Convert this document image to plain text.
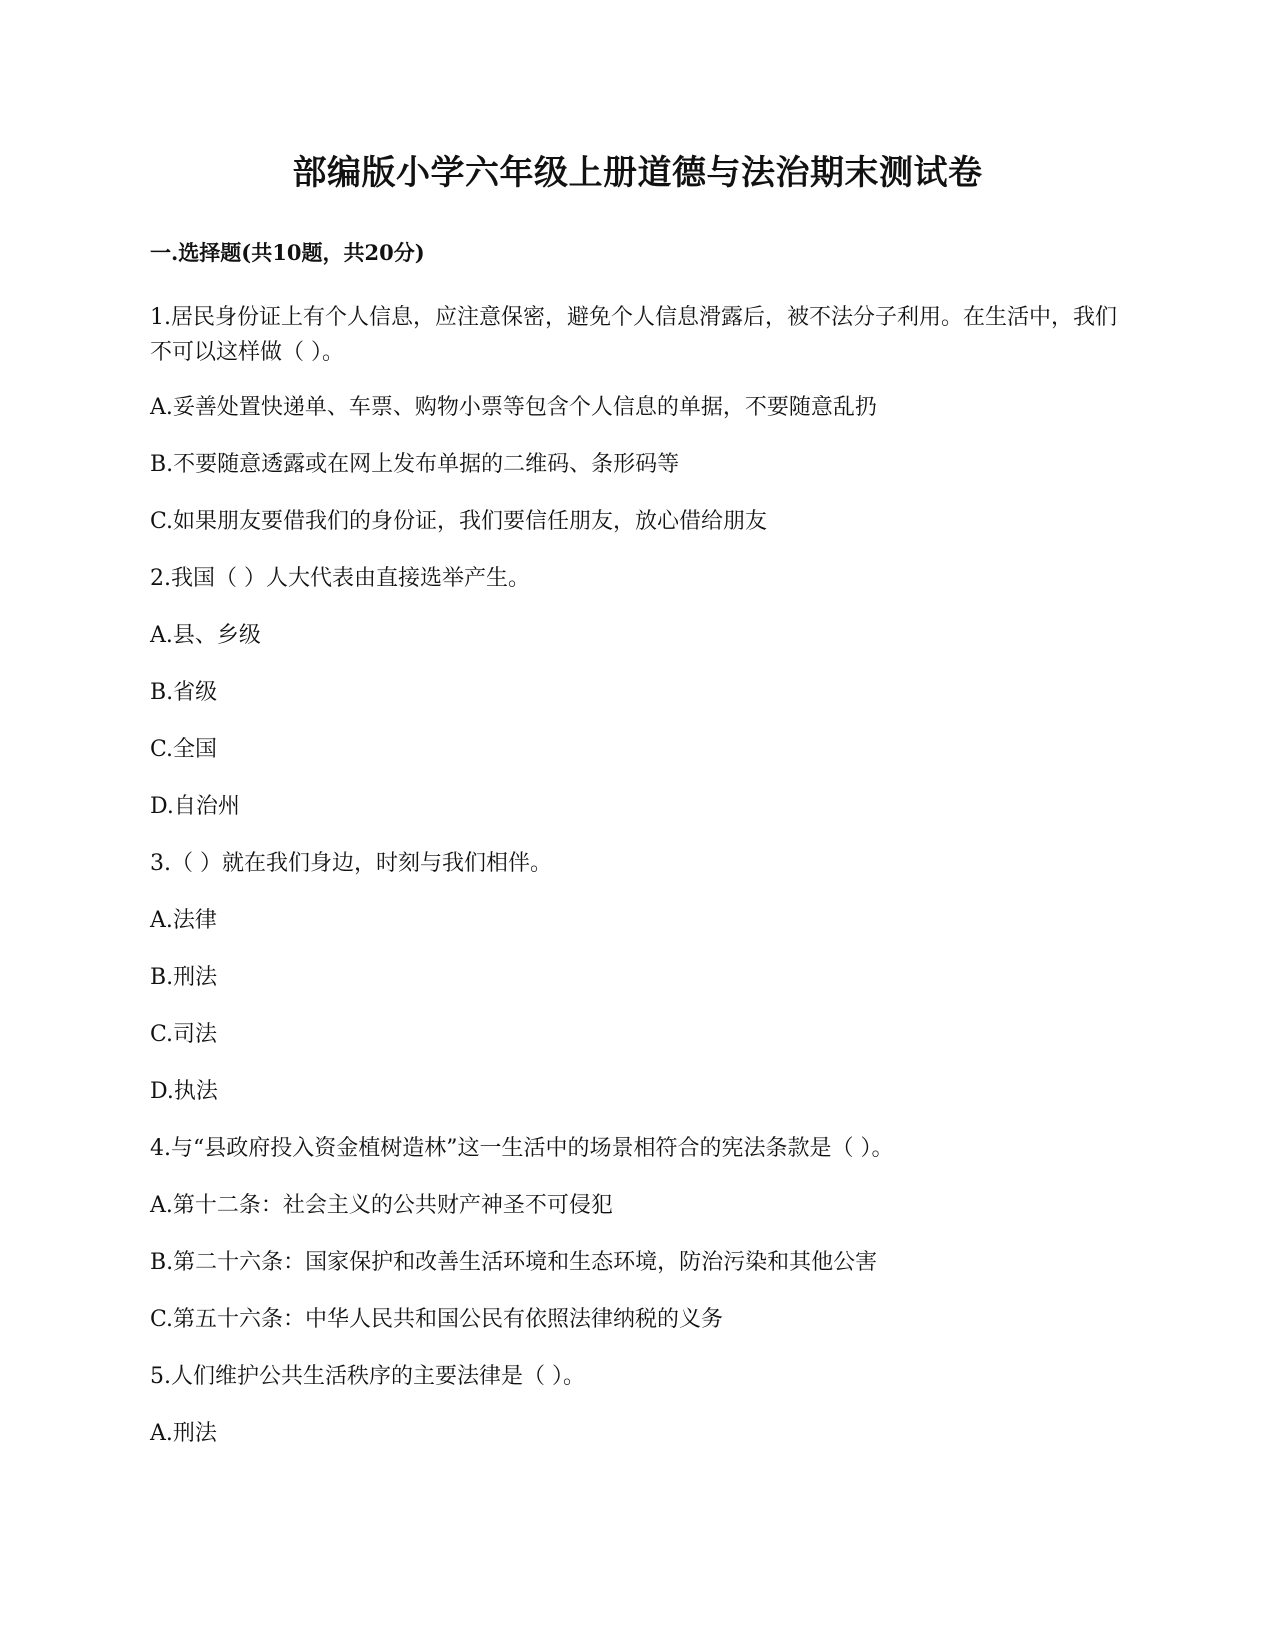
部编版小学六年级上册道德与法治期末测试卷
一.选择题(共10题，共20分)
1.居民身份证上有个人信息，应注意保密，避免个人信息滑露后，被不法分子利用。在生活中，我们不可以这样做（ ）。
A.妥善处置快递单、车票、购物小票等包含个人信息的单据，不要随意乱扔
B.不要随意透露或在网上发布单据的二维码、条形码等
C.如果朋友要借我们的身份证，我们要信任朋友，放心借给朋友
2.我国（ ）人大代表由直接选举产生。
A.县、乡级
B.省级
C.全国
D.自治州
3.（ ）就在我们身边，时刻与我们相伴。
A.法律
B.刑法
C.司法
D.执法
4.与“县政府投入资金植树造林”这一生活中的场景相符合的宪法条款是（ ）。
A.第十二条：社会主义的公共财产神圣不可侵犯
B.第二十六条：国家保护和改善生活环境和生态环境，防治污染和其他公害
C.第五十六条：中华人民共和国公民有依照法律纳税的义务
5.人们维护公共生活秩序的主要法律是（ ）。
A.刑法
